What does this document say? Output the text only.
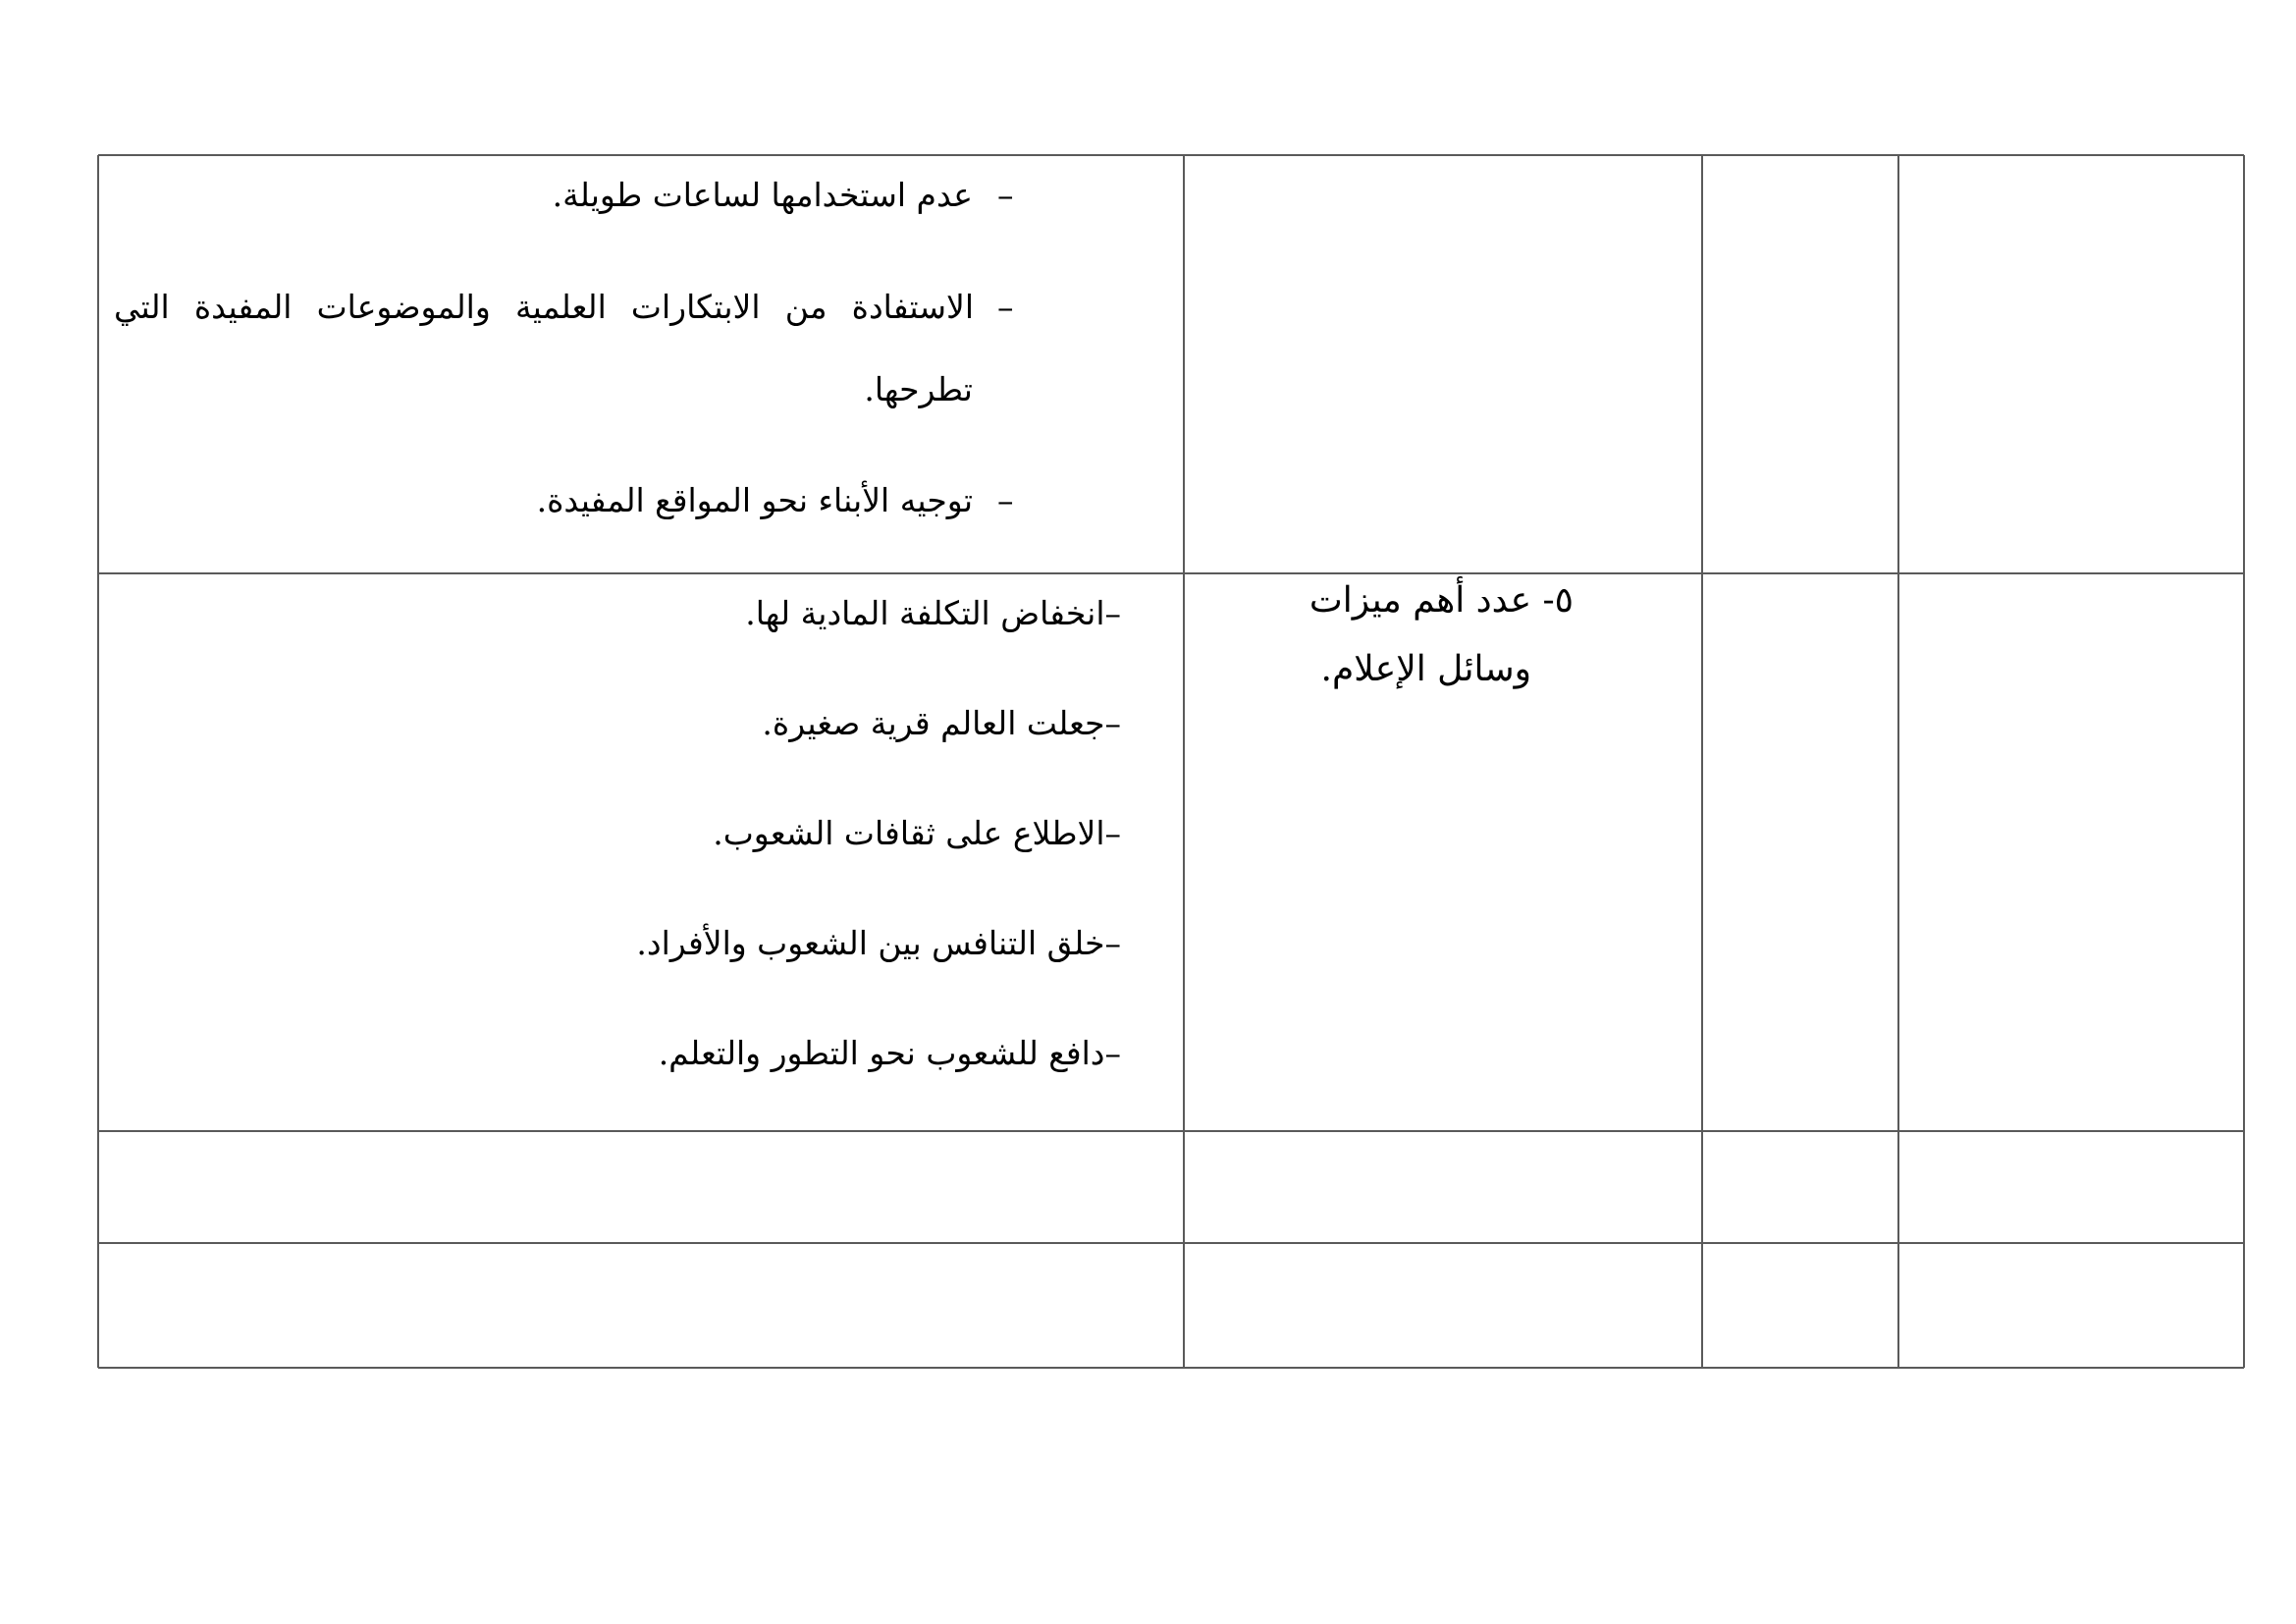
–
عدم استخدامها لساعات طويلة.
–
الاستفادة من الابتكارات العلمية والموضوعات المفيدة التي
تطرحها.
–
توجيه الأبناء نحو المواقع المفيدة.
٥- عدد أهم ميزات
وسائل الإعلام.
–انخفاض التكلفة المادية لها.
–جعلت العالم قرية صغيرة.
–الاطلاع على ثقافات الشعوب.
–خلق التنافس بين الشعوب والأفراد.
–دافع للشعوب نحو التطور والتعلم.
